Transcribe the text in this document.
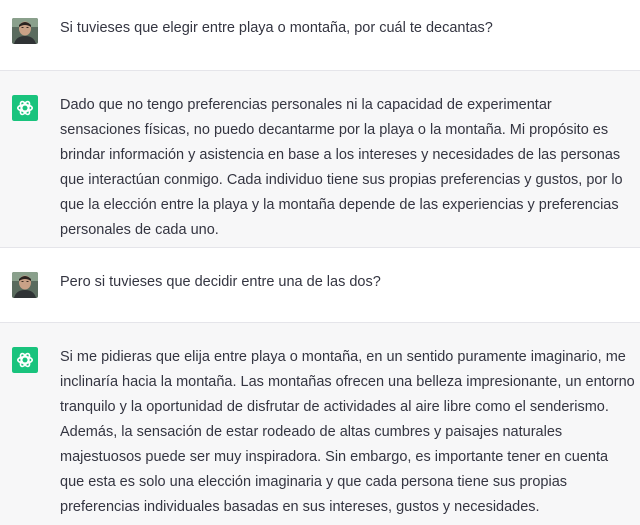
Si tuvieses que elegir entre playa o montaña, por cuál te decantas?
Dado que no tengo preferencias personales ni la capacidad de experimentar sensaciones físicas, no puedo decantarme por la playa o la montaña. Mi propósito es brindar información y asistencia en base a los intereses y necesidades de las personas que interactúan conmigo. Cada individuo tiene sus propias preferencias y gustos, por lo que la elección entre la playa y la montaña depende de las experiencias y preferencias personales de cada uno.
Pero si tuvieses que decidir entre una de las dos?
Si me pidieras que elija entre playa o montaña, en un sentido puramente imaginario, me inclinaría hacia la montaña. Las montañas ofrecen una belleza impresionante, un entorno tranquilo y la oportunidad de disfrutar de actividades al aire libre como el senderismo. Además, la sensación de estar rodeado de altas cumbres y paisajes naturales majestuosos puede ser muy inspiradora. Sin embargo, es importante tener en cuenta que esta es solo una elección imaginaria y que cada persona tiene sus propias preferencias individuales basadas en sus intereses, gustos y necesidades.
